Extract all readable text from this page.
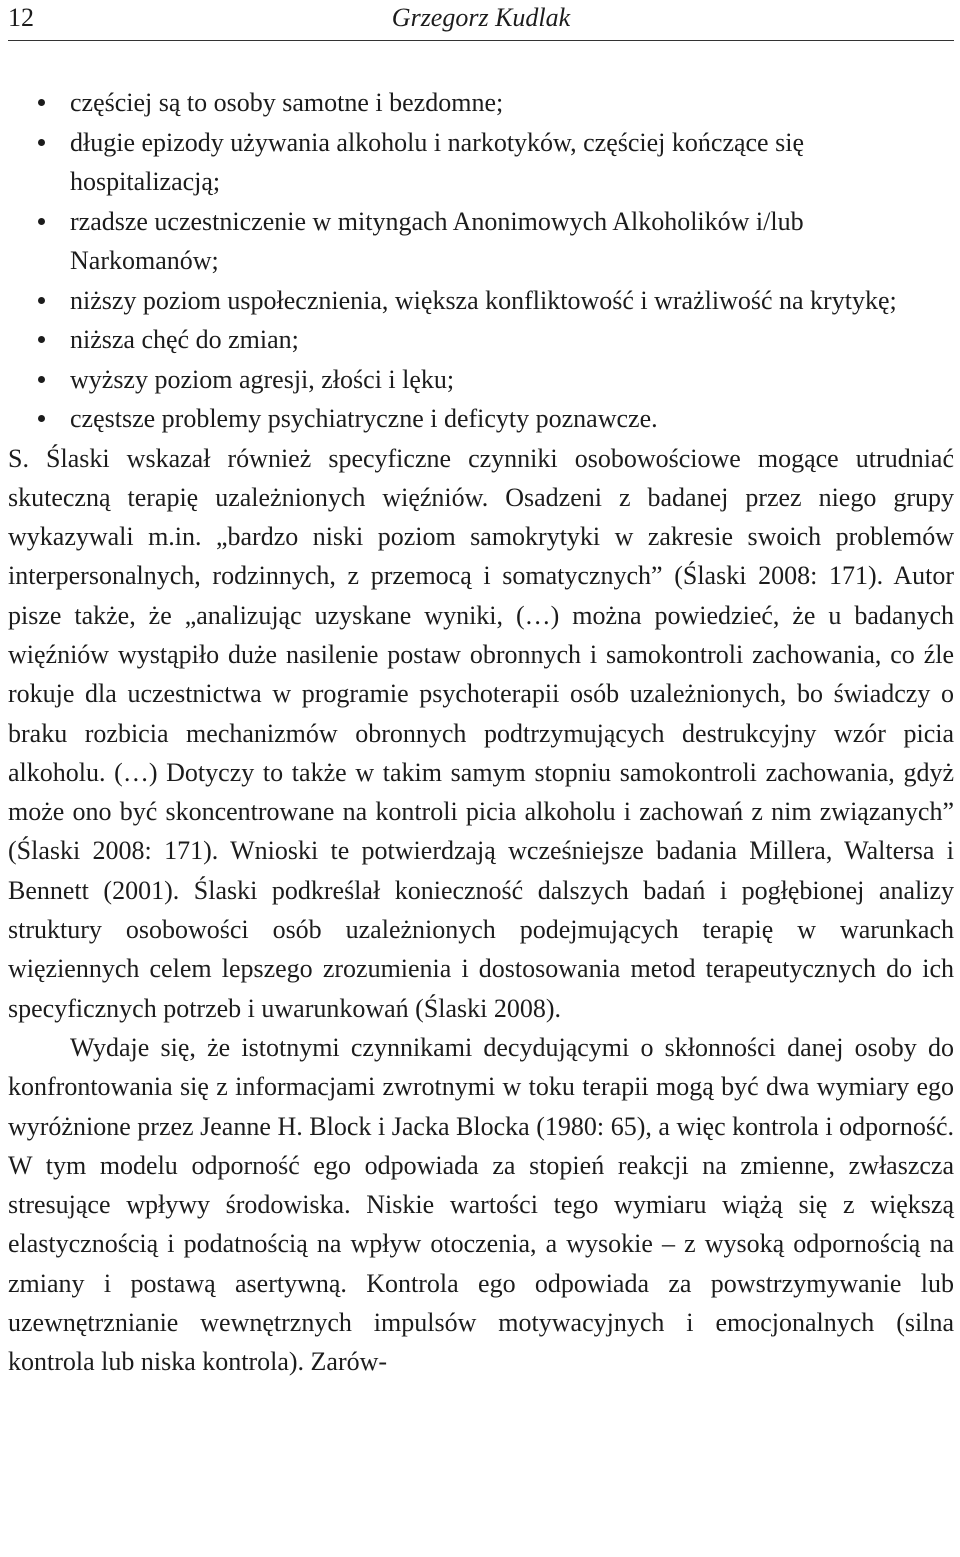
12	Grzegorz Kudlak
częściej są to osoby samotne i bezdomne;
długie epizody używania alkoholu i narkotyków, częściej kończące się hospitalizacją;
rzadsze uczestniczenie w mityngach Anonimowych Alkoholików i/lub Narkomanów;
niższy poziom uspołecznienia, większa konfliktowość i wrażliwość na krytykę;
niższa chęć do zmian;
wyższy poziom agresji, złości i lęku;
częstsze problemy psychiatryczne i deficyty poznawcze.

S. Ślaski wskazał również specyficzne czynniki osobowościowe mogące utrudniać skuteczną terapię uzależnionych więźniów. Osadzeni z badanej przez niego grupy wykazywali m.in. „bardzo niski poziom samokrytyki w zakresie swoich problemów interpersonalnych, rodzinnych, z przemocą i somatycznych” (Ślaski 2008: 171). Autor pisze także, że „analizując uzyskane wyniki, (…) można powiedzieć, że u badanych więźniów wystąpiło duże nasilenie postaw obronnych i samokontroli zachowania, co źle rokuje dla uczestnictwa w programie psychoterapii osób uzależnionych, bo świadczy o braku rozbicia mechanizmów obronnych podtrzymujących destrukcyjny wzór picia alkoholu. (…) Dotyczy to także w takim samym stopniu samokontroli zachowania, gdyż może ono być skoncentrowane na kontroli picia alkoholu i zachowań z nim związanych” (Ślaski 2008: 171). Wnioski te potwierdzają wcześniejsze badania Millera, Waltersa i Bennett (2001). Ślaski podkreślał konieczność dalszych badań i pogłębionej analizy struktury osobowości osób uzależnionych podejmujących terapię w warunkach więziennych celem lepszego zrozumienia i dostosowania metod terapeutycznych do ich specyficznych potrzeb i uwarunkowań (Ślaski 2008).

Wydaje się, że istotnymi czynnikami decydującymi o skłonności danej osoby do konfrontowania się z informacjami zwrotnymi w toku terapii mogą być dwa wymiary ego wyróżnione przez Jeanne H. Block i Jacka Blocka (1980: 65), a więc kontrola i odporność. W tym modelu odporność ego odpowiada za stopień reakcji na zmienne, zwłaszcza stresujące wpływy środowiska. Niskie wartości tego wymiaru wiążą się z większą elastycznością i podatnością na wpływ otoczenia, a wysokie – z wysoką odpornością na zmiany i postawą asertywną. Kontrola ego odpowiada za powstrzymywanie lub uzewnętrznianie wewnętrznych impulsów motywacyjnych i emocjonalnych (silna kontrola lub niska kontrola). Zarów-
